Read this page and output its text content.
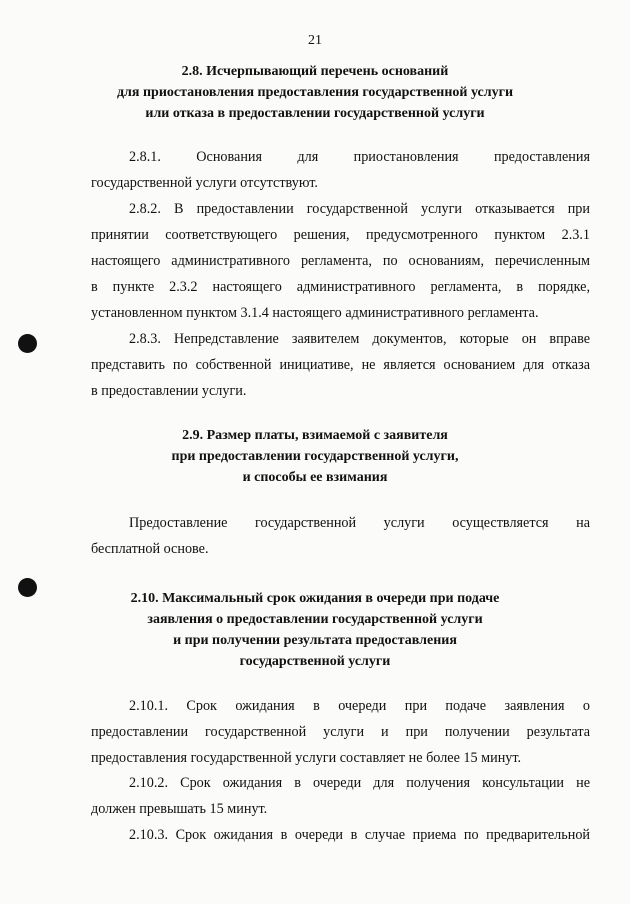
21
2.8. Исчерпывающий перечень оснований
для приостановления предоставления государственной услуги
или отказа в предоставлении государственной услуги
2.8.1. Основания для приостановления предоставления
государственной услуги отсутствуют.
2.8.2. В предоставлении государственной услуги отказывается при
принятии соответствующего решения, предусмотренного пунктом 2.3.1
настоящего административного регламента, по основаниям, перечисленным
в пункте 2.3.2 настоящего административного регламента, в порядке,
установленном пунктом 3.1.4 настоящего административного регламента.
2.8.3. Непредставление заявителем документов, которые он вправе
представить по собственной инициативе, не является основанием для отказа
в предоставлении услуги.
2.9. Размер платы, взимаемой с заявителя
при предоставлении государственной услуги,
и способы ее взимания
Предоставление государственной услуги осуществляется на
бесплатной основе.
2.10. Максимальный срок ожидания в очереди при подаче
заявления о предоставлении государственной услуги
и при получении результата предоставления
государственной услуги
2.10.1. Срок ожидания в очереди при подаче заявления о
предоставлении государственной услуги и при получении результата
предоставления государственной услуги составляет не более 15 минут.
2.10.2. Срок ожидания в очереди для получения консультации не
должен превышать 15 минут.
2.10.3. Срок ожидания в очереди в случае приема по предварительной
